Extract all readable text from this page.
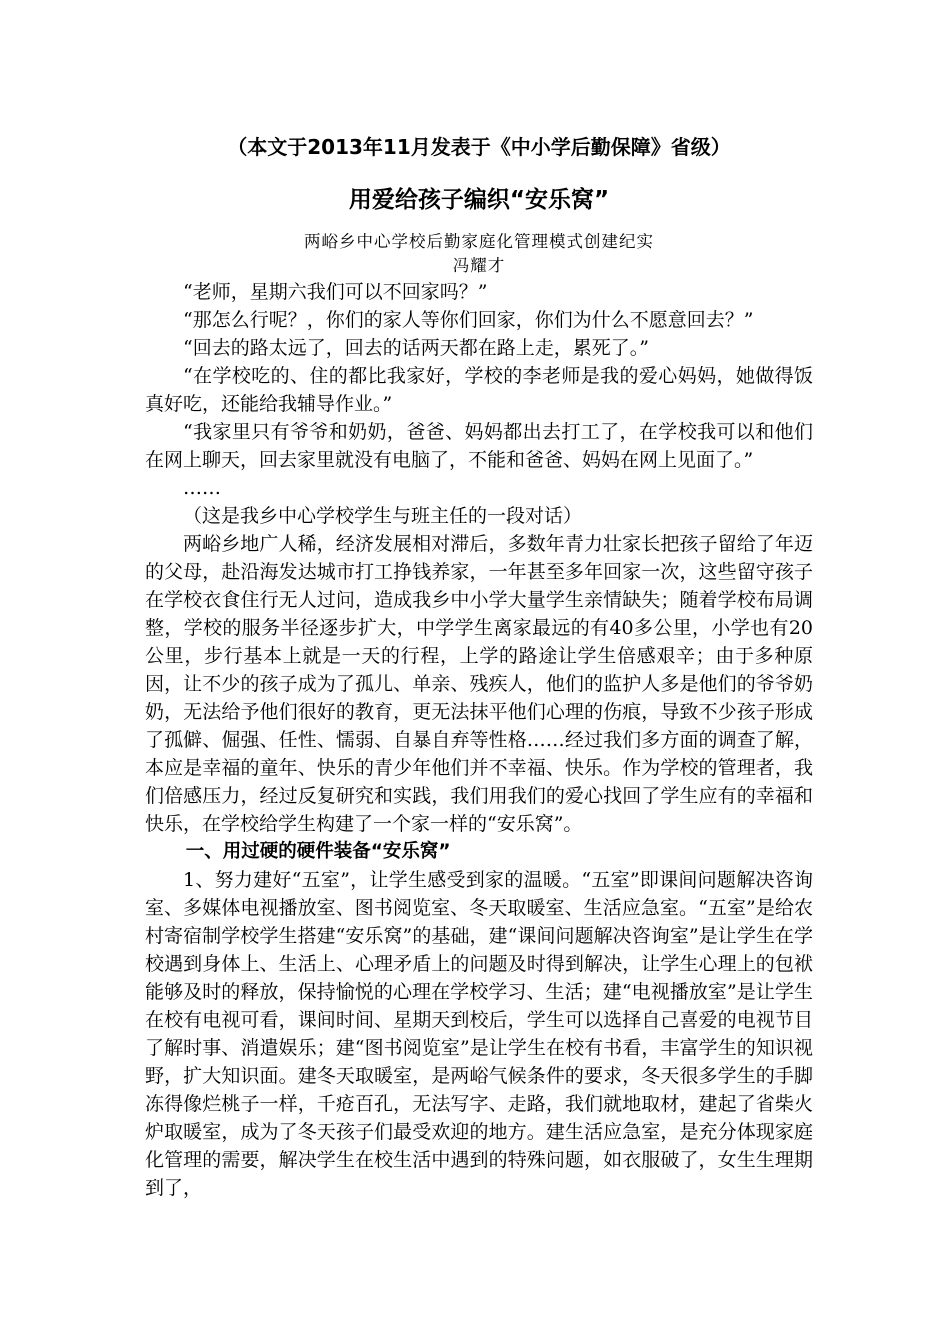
（本文于2013年11月发表于《中小学后勤保障》省级）
用爱给孩子编织“安乐窝”
两峪乡中心学校后勤家庭化管理模式创建纪实
冯耀才

“老师，星期六我们可以不回家吗？”

“那怎么行呢？，你们的家人等你们回家，你们为什么不愿意回去？”

“回去的路太远了，回去的话两天都在路上走，累死了。”

“在学校吃的、住的都比我家好，学校的李老师是我的爱心妈妈，她做得饭真好吃，还能给我辅导作业。”

“我家里只有爷爷和奶奶，爸爸、妈妈都出去打工了，在学校我可以和他们在网上聊天，回去家里就没有电脑了，不能和爸爸、妈妈在网上见面了。”

……

（这是我乡中心学校学生与班主任的一段对话）

两峪乡地广人稀，经济发展相对滞后，多数年青力壮家长把孩子留给了年迈的父母，赴沿海发达城市打工挣钱养家，一年甚至多年回家一次，这些留守孩子在学校衣食住行无人过问，造成我乡中小学大量学生亲情缺失；随着学校布局调整，学校的服务半径逐步扩大，中学学生离家最远的有40多公里，小学也有20公里，步行基本上就是一天的行程，上学的路途让学生倍感艰辛；由于多种原因，让不少的孩子成为了孤儿、单亲、残疾人，他们的监护人多是他们的爷爷奶奶，无法给予他们很好的教育，更无法抹平他们心理的伤痕，导致不少孩子形成了孤僻、倔强、任性、懦弱、自暴自弃等性格……经过我们多方面的调查了解，本应是幸福的童年、快乐的青少年他们并不幸福、快乐。作为学校的管理者，我们倍感压力，经过反复研究和实践，我们用我们的爱心找回了学生应有的幸福和快乐，在学校给学生构建了一个家一样的“安乐窝”。

一、用过硬的硬件装备“安乐窝”

1、努力建好“五室”，让学生感受到家的温暖。“五室”即课间问题解决咨询室、多媒体电视播放室、图书阅览室、冬天取暖室、生活应急室。“五室”是给农村寄宿制学校学生搭建“安乐窝”的基础，建“课间问题解决咨询室”是让学生在学校遇到身体上、生活上、心理矛盾上的问题及时得到解决，让学生心理上的包袱能够及时的释放，保持愉悦的心理在学校学习、生活；建“电视播放室”是让学生在校有电视可看，课间时间、星期天到校后，学生可以选择自己喜爱的电视节目了解时事、消遣娱乐；建“图书阅览室”是让学生在校有书看，丰富学生的知识视野，扩大知识面。建冬天取暖室，是两峪气候条件的要求，冬天很多学生的手脚冻得像烂桃子一样，千疮百孔，无法写字、走路，我们就地取材，建起了省柴火炉取暖室，成为了冬天孩子们最受欢迎的地方。建生活应急室，是充分体现家庭化管理的需要，解决学生在校生活中遇到的特殊问题，如衣服破了，女生生理期到了，
